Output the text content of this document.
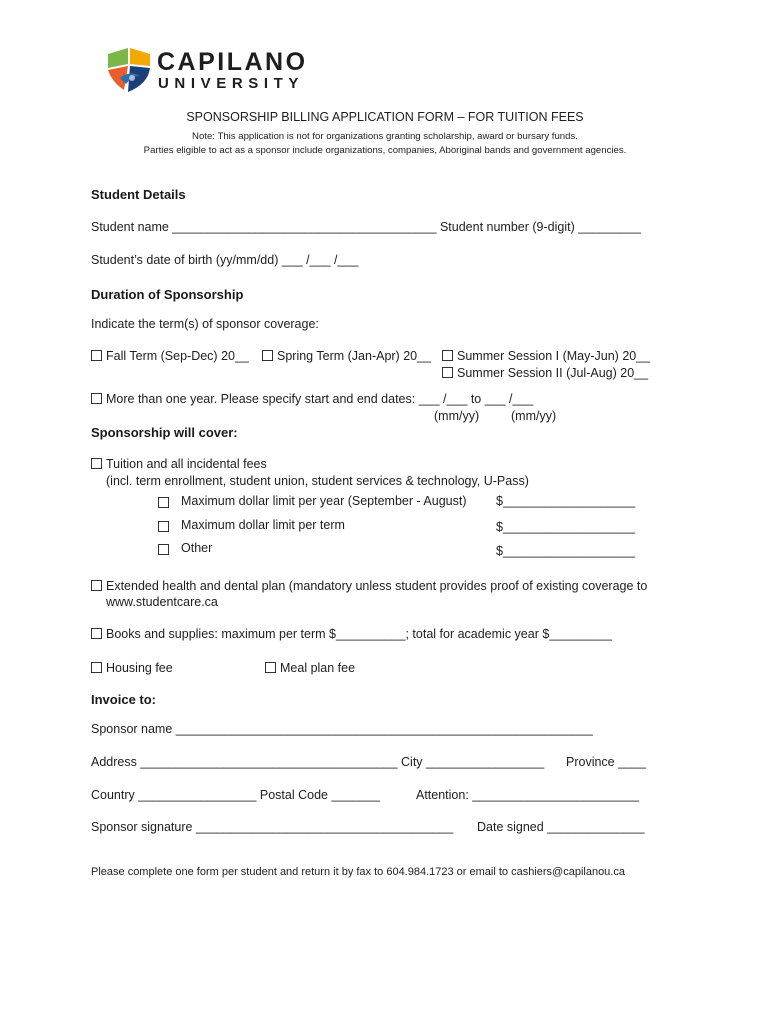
CAPILANO
UNIVERSITY
SPONSORSHIP BILLING APPLICATION FORM – FOR TUITION FEES
Note: This application is not for organizations granting scholarship, award or bursary funds.
Parties eligible to act as a sponsor include organizations, companies, Aboriginal bands and government agencies.
Student Details
Student name ______________________________________ Student number (9-digit) _________
Student’s date of birth (yy/mm/dd) ___ /___ /___
Duration of Sponsorship
Indicate the term(s) of sponsor coverage:
Fall Term (Sep-Dec) 20__	Spring Term (Jan-Apr) 20__	Summer Session I (May-Jun) 20__
Summer Session II (Jul-Aug) 20__
More than one year. Please specify start and end dates: ___ /___ to ___ /___
(mm/yy)	(mm/yy)
Sponsorship will cover:
Tuition and all incidental fees
(incl. term enrollment, student union, student services & technology, U-Pass)
Maximum dollar limit per year (September - August) $___________________
Maximum dollar limit per term	$___________________
Other	$___________________
Extended health and dental plan (mandatory unless student provides proof of existing coverage to
www.studentcare.ca
Books and supplies: maximum per term $__________; total for academic year $_________
Housing fee	Meal plan fee
Invoice to:
Sponsor name ____________________________________________________________
Address _____________________________________ City _________________ Province ____
Country _________________ Postal Code _______	Attention: ________________________
Sponsor signature _____________________________________ Date signed ______________
Please complete one form per student and return it by fax to 604.984.1723 or email to cashiers@capilanou.ca
